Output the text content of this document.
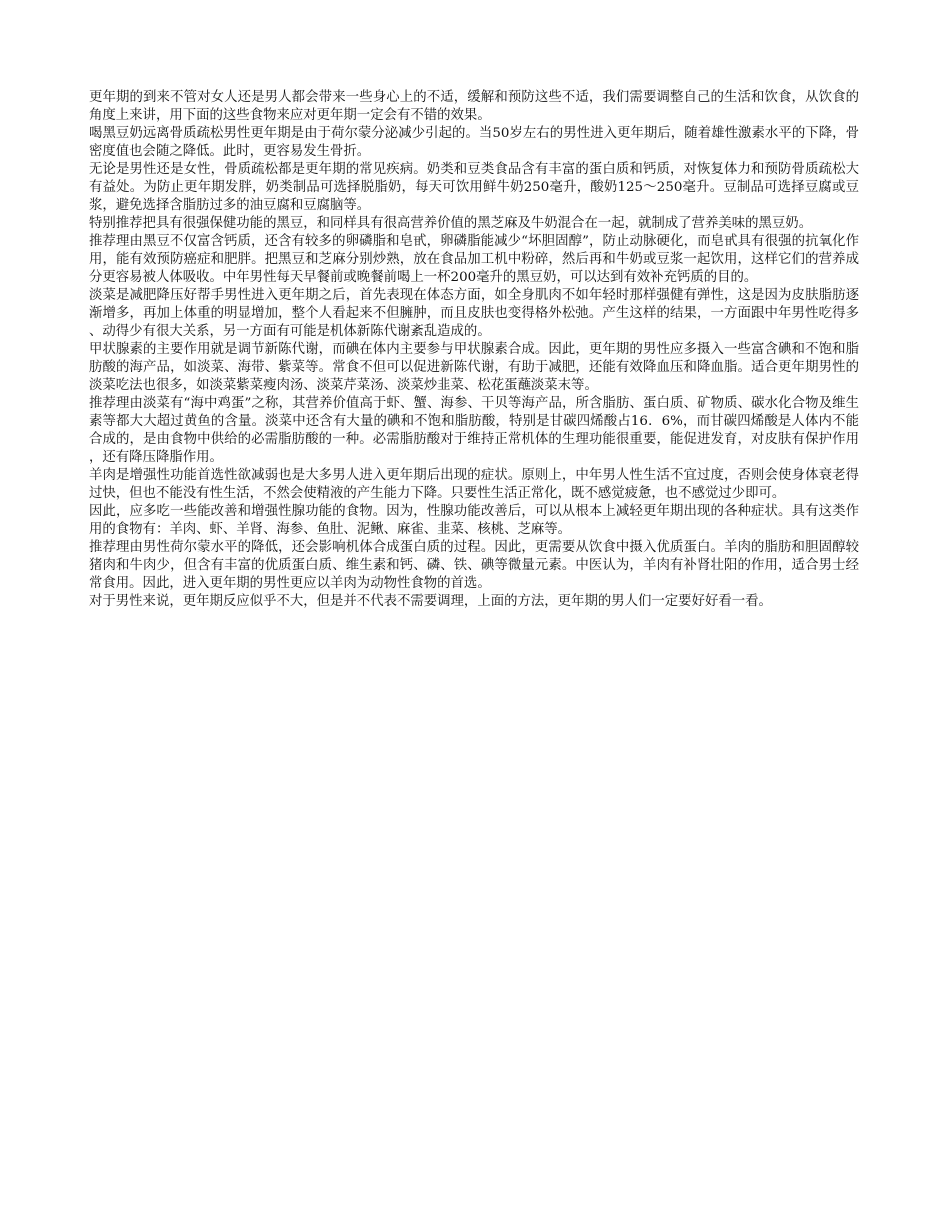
更年期的到来不管对女人还是男人都会带来一些身心上的不适，缓解和预防这些不适，我们需要调整自己的生活和饮食，从饮食的角度上来讲，用下面的这些食物来应对更年期一定会有不错的效果。

喝黑豆奶远离骨质疏松男性更年期是由于荷尔蒙分泌减少引起的。当50岁左右的男性进入更年期后，随着雄性激素水平的下降，骨密度值也会随之降低。此时，更容易发生骨折。

无论是男性还是女性，骨质疏松都是更年期的常见疾病。奶类和豆类食品含有丰富的蛋白质和钙质，对恢复体力和预防骨质疏松大有益处。为防止更年期发胖，奶类制品可选择脱脂奶，每天可饮用鲜牛奶250毫升，酸奶125～250毫升。豆制品可选择豆腐或豆浆，避免选择含脂肪过多的油豆腐和豆腐脑等。

特别推荐把具有很强保健功能的黑豆，和同样具有很高营养价值的黑芝麻及牛奶混合在一起，就制成了营养美味的黑豆奶。

推荐理由黑豆不仅富含钙质，还含有较多的卵磷脂和皂甙，卵磷脂能减少“坏胆固醇”，防止动脉硬化，而皂甙具有很强的抗氧化作用，能有效预防癌症和肥胖。把黑豆和芝麻分别炒熟，放在食品加工机中粉碎，然后再和牛奶或豆浆一起饮用，这样它们的营养成分更容易被人体吸收。中年男性每天早餐前或晚餐前喝上一杯200毫升的黑豆奶，可以达到有效补充钙质的目的。

淡菜是减肥降压好帮手男性进入更年期之后，首先表现在体态方面，如全身肌肉不如年轻时那样强健有弹性，这是因为皮肤脂肪逐渐增多，再加上体重的明显增加，整个人看起来不但臃肿，而且皮肤也变得格外松弛。产生这样的结果，一方面跟中年男性吃得多、动得少有很大关系，另一方面有可能是机体新陈代谢紊乱造成的。

甲状腺素的主要作用就是调节新陈代谢，而碘在体内主要参与甲状腺素合成。因此，更年期的男性应多摄入一些富含碘和不饱和脂肪酸的海产品，如淡菜、海带、紫菜等。常食不但可以促进新陈代谢，有助于减肥，还能有效降血压和降血脂。适合更年期男性的淡菜吃法也很多，如淡菜紫菜瘦肉汤、淡菜芹菜汤、淡菜炒韭菜、松花蛋蘸淡菜末等。

推荐理由淡菜有“海中鸡蛋”之称，其营养价值高于虾、蟹、海参、干贝等海产品，所含脂肪、蛋白质、矿物质、碳水化合物及维生素等都大大超过黄鱼的含量。淡菜中还含有大量的碘和不饱和脂肪酸，特别是甘碳四烯酸占16．6%，而甘碳四烯酸是人体内不能合成的，是由食物中供给的必需脂肪酸的一种。必需脂肪酸对于维持正常机体的生理功能很重要，能促进发育，对皮肤有保护作用，还有降压降脂作用。

羊肉是增强性功能首选性欲减弱也是大多男人进入更年期后出现的症状。原则上，中年男人性生活不宜过度，否则会使身体衰老得过快，但也不能没有性生活，不然会使精液的产生能力下降。只要性生活正常化，既不感觉疲惫，也不感觉过少即可。

因此，应多吃一些能改善和增强性腺功能的食物。因为，性腺功能改善后，可以从根本上减轻更年期出现的各种症状。具有这类作用的食物有：羊肉、虾、羊肾、海参、鱼肚、泥鳅、麻雀、韭菜、核桃、芝麻等。

推荐理由男性荷尔蒙水平的降低，还会影响机体合成蛋白质的过程。因此，更需要从饮食中摄入优质蛋白。羊肉的脂肪和胆固醇较猪肉和牛肉少，但含有丰富的优质蛋白质、维生素和钙、磷、铁、碘等微量元素。中医认为，羊肉有补肾壮阳的作用，适合男士经常食用。因此，进入更年期的男性更应以羊肉为动物性食物的首选。

对于男性来说，更年期反应似乎不大，但是并不代表不需要调理，上面的方法，更年期的男人们一定要好好看一看。
